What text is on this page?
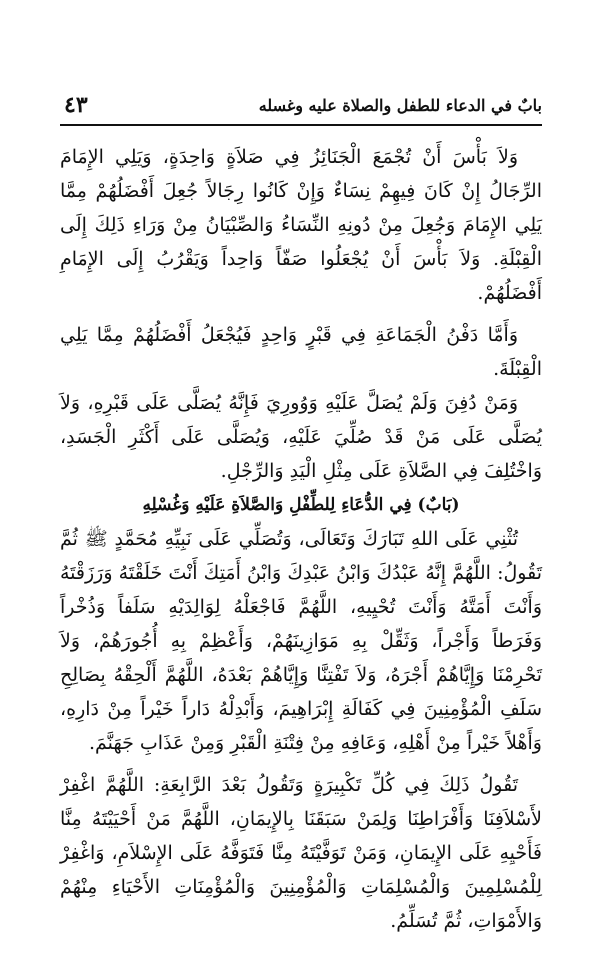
بابٌ في الدعاء للطفل والصلاة عليه وغسله
٤٣

وَلاَ بَأْسَ أَنْ تُجْمَعَ الْجَنَائِزُ فِي صَلاَةٍ وَاحِدَةٍ، وَيَلِي الإِمَامَ الرِّجَالُ إِنْ كَانَ فِيهِمْ نِسَاءٌ وَإِنْ كَانُوا رِجَالاً جُعِلَ أَفْضَلُهُمْ مِمَّا يَلِي الإِمَامَ وَجُعِلَ مِنْ دُونِهِ النِّسَاءُ وَالصِّبْيَانُ مِنْ وَرَاءِ ذَلِكَ إِلَى الْقِبْلَةِ. وَلاَ بَأْسَ أَنْ يُجْعَلُوا صَفّاً وَاحِداً وَيَقْرُبُ إِلَى الإِمَامِ أَفْضَلُهُمْ.

وَأَمَّا دَفْنُ الْجَمَاعَةِ فِي قَبْرٍ وَاحِدٍ فَيُجْعَلُ أَفْضَلُهُمْ مِمَّا يَلِي الْقِبْلَةَ.

وَمَنْ دُفِنَ وَلَمْ يُصَلَّ عَلَيْهِ وَوُورِيَ فَإِنَّهُ يُصَلَّى عَلَى قَبْرِهِ، وَلاَ يُصَلَّى عَلَى مَنْ قَدْ صُلِّيَ عَلَيْهِ، وَيُصَلَّى عَلَى أَكْثَرِ الْجَسَدِ، وَاخْتُلِفَ فِي الصَّلاَةِ عَلَى مِثْلِ الْيَدِ وَالرِّجْلِ.

(بَابٌ) فِي الدُّعَاءِ لِلطِّفْلِ وَالصَّلاَةِ عَلَيْهِ وَغُسْلِهِ

تُثْنِي عَلَى اللهِ تَبَارَكَ وَتَعَالَى، وَتُصَلِّي عَلَى نَبِيِّهِ مُحَمَّدٍ ﷺ ثُمَّ تَقُولُ: اللَّهُمَّ إِنَّهُ عَبْدُكَ وَابْنُ عَبْدِكَ وَابْنُ أَمَتِكَ أَنْتَ خَلَقْتَهُ وَرَزَقْتَهُ وَأَنْتَ أَمَتَّهُ وَأَنْتَ تُحْيِيهِ، اللَّهُمَّ فَاجْعَلْهُ لِوَالِدَيْهِ سَلَفاً وَذُخْراً وَفَرَطاً وَأَجْراً، وَثَقِّلْ بِهِ مَوَازِينَهُمْ، وَأَعْظِمْ بِهِ أُجُورَهُمْ، وَلاَ تَحْرِمْنَا وَإِيَّاهُمْ أَجْرَهُ، وَلاَ تَفْتِنَّا وَإِيَّاهُمْ بَعْدَهُ، اللَّهُمَّ أَلْحِقْهُ بِصَالِحِ سَلَفِ الْمُؤْمِنِينَ فِي كَفَالَةِ إِبْرَاهِيمَ، وَأَبْدِلْهُ دَاراً خَيْراً مِنْ دَارِهِ، وَأَهْلاً خَيْراً مِنْ أَهْلِهِ، وَعَافِهِ مِنْ فِتْنَةِ الْقَبْرِ وَمِنْ عَذَابِ جَهَنَّمَ.

تَقُولُ ذَلِكَ فِي كُلِّ تَكْبِيرَةٍ وَتَقُولُ بَعْدَ الرَّابِعَةِ: اللَّهُمَّ اغْفِرْ لأَسْلاَفِنَا وَأَفْرَاطِنَا وَلِمَنْ سَبَقَنَا بِالإِيمَانِ، اللَّهُمَّ مَنْ أَحْيَيْتَهُ مِنَّا فَأَحْيِهِ عَلَى الإِيمَانِ، وَمَنْ تَوَفَّيْتَهُ مِنَّا فَتَوَفَّهُ عَلَى الإِسْلاَمِ، وَاغْفِرْ لِلْمُسْلِمِينَ وَالْمُسْلِمَاتِ وَالْمُؤْمِنِينَ وَالْمُؤْمِنَاتِ الأَحْيَاءِ مِنْهُمْ وَالأَمْوَاتِ، ثُمَّ تُسَلِّمُ.
